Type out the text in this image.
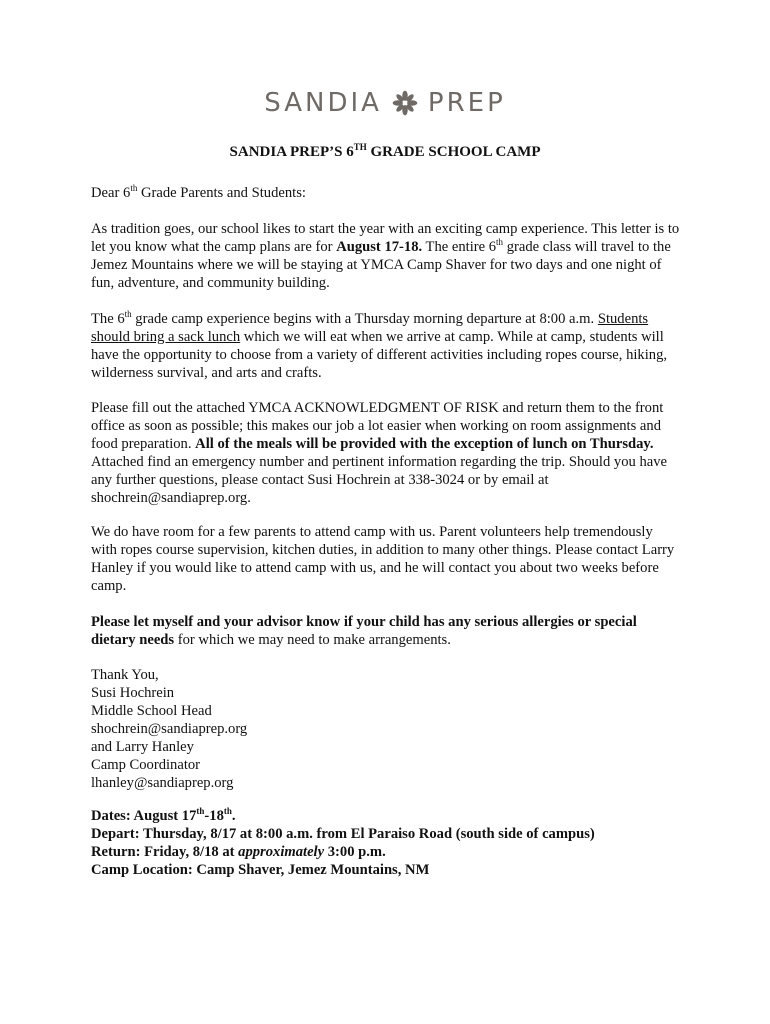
SANDIA PREP
SANDIA PREP’S 6TH GRADE SCHOOL CAMP

Dear 6th Grade Parents and Students:

As tradition goes, our school likes to start the year with an exciting camp experience. This letter is to let you know what the camp plans are for August 17-18. The entire 6th grade class will travel to the Jemez Mountains where we will be staying at YMCA Camp Shaver for two days and one night of fun, adventure, and community building.

The 6th grade camp experience begins with a Thursday morning departure at 8:00 a.m. Students should bring a sack lunch which we will eat when we arrive at camp. While at camp, students will have the opportunity to choose from a variety of different activities including ropes course, hiking, wilderness survival, and arts and crafts.

Please fill out the attached YMCA ACKNOWLEDGMENT OF RISK and return them to the front office as soon as possible; this makes our job a lot easier when working on room assignments and food preparation. All of the meals will be provided with the exception of lunch on Thursday. Attached find an emergency number and pertinent information regarding the trip. Should you have any further questions, please contact Susi Hochrein at 338-3024 or by email at shochrein@sandiaprep.org.

We do have room for a few parents to attend camp with us. Parent volunteers help tremendously with ropes course supervision, kitchen duties, in addition to many other things. Please contact Larry Hanley if you would like to attend camp with us, and he will contact you about two weeks before camp.

Please let myself and your advisor know if your child has any serious allergies or special dietary needs for which we may need to make arrangements.

Thank You,
Susi Hochrein
Middle School Head
shochrein@sandiaprep.org
and Larry Hanley
Camp Coordinator
lhanley@sandiaprep.org
Dates: August 17th-18th.
Depart: Thursday, 8/17 at 8:00 a.m. from El Paraiso Road (south side of campus)
Return: Friday, 8/18 at approximately 3:00 p.m.
Camp Location: Camp Shaver, Jemez Mountains, NM
